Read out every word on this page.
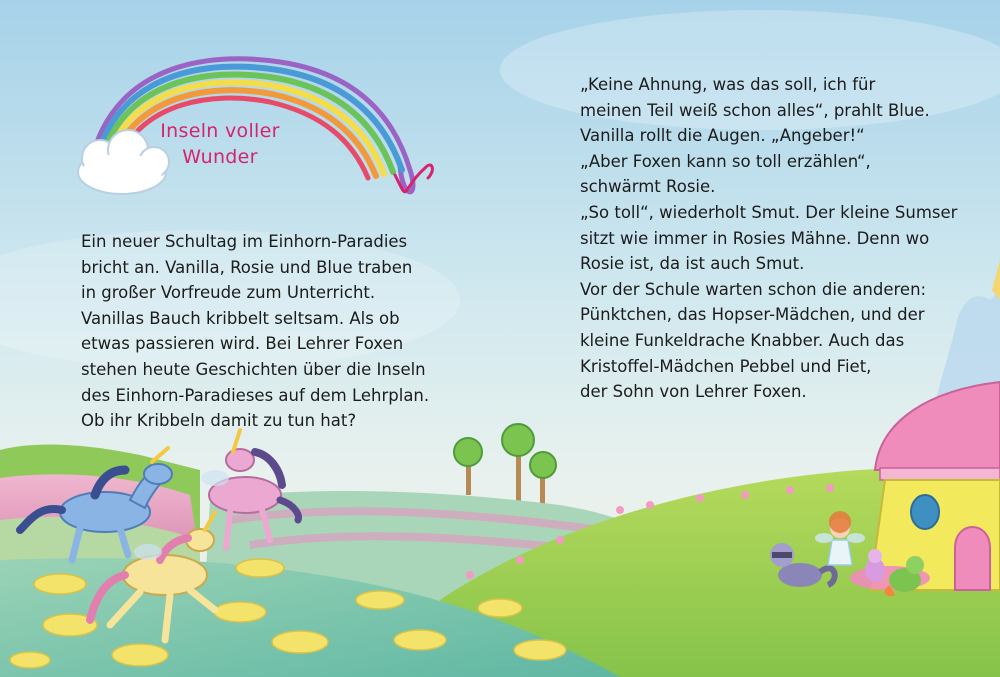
Inseln voller
Wunder

Ein neuer Schultag im Einhorn-Paradies

bricht an. Vanilla, Rosie und Blue traben

in großer Vorfreude zum Unterricht.

Vanillas Bauch kribbelt seltsam. Als ob

etwas passieren wird. Bei Lehrer Foxen

stehen heute Geschichten über die Inseln

des Einhorn-Paradieses auf dem Lehrplan.

Ob ihr Kribbeln damit zu tun hat?

„Keine Ahnung, was das soll, ich für

meinen Teil weiß schon alles“, prahlt Blue.

Vanilla rollt die Augen. „Angeber!“

„Aber Foxen kann so toll erzählen“,

schwärmt Rosie.

„So toll“, wiederholt Smut. Der kleine Sumser

sitzt wie immer in Rosies Mähne. Denn wo

Rosie ist, da ist auch Smut.

Vor der Schule warten schon die anderen:

Pünktchen, das Hopser-Mädchen, und der

kleine Funkeldrache Knabber. Auch das

Kristoffel-Mädchen Pebbel und Fiet,

der Sohn von Lehrer Foxen.
